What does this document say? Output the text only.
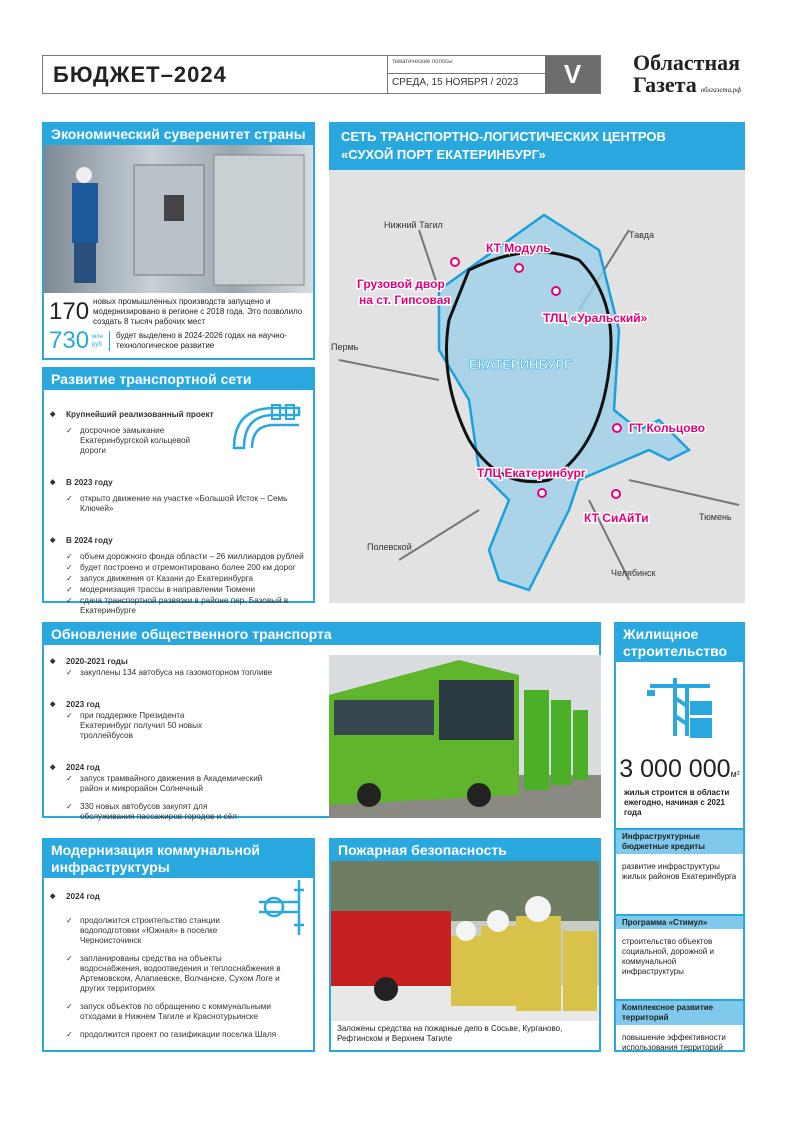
БЮДЖЕТ–2024	тематические полосы
СРЕДА, 15 НОЯБРЯ / 2023	V	Областная
Газета облгазета.рф
Экономический суверенитет страны
170 новых промышленных производств запущено и модернизировано в регионе с 2018 года. Это позволило создать 8 тысяч рабочих мест
730 млн
руб
будет выделено в 2024-2026 годах на научно-технологическое развитие
Развитие транспортной сети
◆ Крупнейший реализованный проект
✓ досрочное замыкание Екатеринбургской кольцевой дороги
◆ В 2023 году
✓ открыто движение на участке «Большой Исток – Семь Ключей»
◆ В 2024 году
✓ объем дорожного фонда области – 26 миллиардов рублей
✓ будет построено и отремонтировано более 200 км дорог
✓ запуск движения от Казани до Екатеринбурга
✓ модернизация трассы в направлении Тюмени
✓ сдача транспортной развязки в районе пер. Базовый в Екатеринбурге
СЕТЬ ТРАНСПОРТНО-ЛОГИСТИЧЕСКИХ ЦЕНТРОВ
«СУХОЙ ПОРТ ЕКАТЕРИНБУРГ»
Нижний Тагил
Тавда
Пермь
Тюмень
Полевской
Челябинск
ЕКАТЕРИНБУРГ
КТ Модуль
Грузовой двор
на ст. Гипсовая
ТЛЦ «Уральский»
ГТ Кольцово
ТЛЦ Екатеринбург
КТ СиАйТи
Обновление общественного транспорта
◆ 2020-2021 годы
✓ закуплены 134 автобуса на газомоторном топливе
◆ 2023 год
✓ при поддержке Президента Екатеринбург получил 50 новых троллейбусов
◆ 2024 год
✓ запуск трамвайного движения в Академический район и микрорайон Солнечный
✓ 330 новых автобусов закупят для обслуживания пассажиров городов и сёл
Жилищное строительство
3 000 000м²
жилья строится в области ежегодно, начиная с 2021 года
Инфраструктурные бюджетные кредиты
развитие инфраструктуры жилых районов Екатеринбурга
Программа «Стимул»
строительство объектов социальной, дорожной и коммунальной инфраструктуры
Комплексное развитие территорий
повышение эффективности использования территорий
Модернизация коммунальной инфраструктуры
◆ 2024 год
✓ продолжится строительство станции водоподготовки «Южная» в поселке Черноисточинск
✓ запланированы средства на объекты водоснабжения, водоотведения и теплоснабжения в Артемовском, Алапаевске, Волчанске, Сухом Логе и других территориях
✓ запуск объектов по обращению с коммунальными отходами в Нижнем Тагиле и Краснотурьинске
✓ продолжится проект по газификации поселка Шаля
Пожарная безопасность
Заложены средства на пожарные депо в Сосьве, Курганово, Рефтинском и Верхнем Тагиле
